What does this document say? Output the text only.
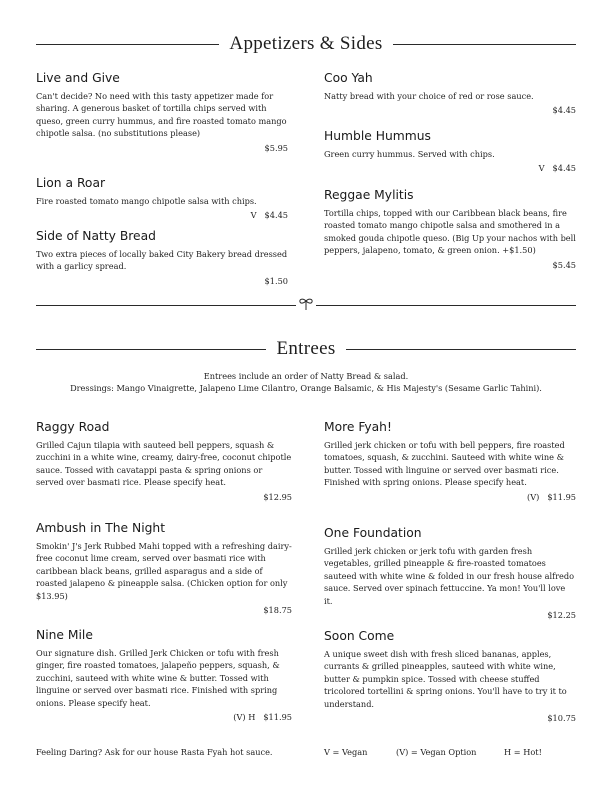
Appetizers & Sides
Live and Give

Can't decide? No need with this tasty appetizer made for sharing. A generous basket of tortilla chips served with queso, green curry hummus, and fire roasted tomato mango chipotle salsa. (no substitutions please)

$5.95
Lion a Roar

Fire roasted tomato mango chipotle salsa with chips.

V $4.45
Side of Natty Bread

Two extra pieces of locally baked City Bakery bread dressed with a garlicy spread.

$1.50
Coo Yah

Natty bread with your choice of red or rose sauce.

$4.45
Humble Hummus

Green curry hummus. Served with chips.

V $4.45
Reggae Mylitis

Tortilla chips, topped with our Caribbean black beans, fire roasted tomato mango chipotle salsa and smothered in a smoked gouda chipotle queso. (Big Up your nachos with bell peppers, jalapeno, tomato, & green onion. +$1.50)

$5.45
Entrees
Entrees include an order of Natty Bread & salad.
Dressings: Mango Vinaigrette, Jalapeno Lime Cilantro, Orange Balsamic, & His Majesty's (Sesame Garlic Tahini).
Raggy Road

Grilled Cajun tilapia with sauteed bell peppers, squash & zucchini in a white wine, creamy, dairy-free, coconut chipotle sauce. Tossed with cavatappi pasta & spring onions or served over basmati rice. Please specify heat.

$12.95
Ambush in The Night

Smokin' J's Jerk Rubbed Mahi topped with a refreshing dairy-free coconut lime cream, served over basmati rice with caribbean black beans, grilled asparagus and a side of roasted jalapeno & pineapple salsa. (Chicken option for only $13.95)

$18.75
Nine Mile

Our signature dish. Grilled Jerk Chicken or tofu with fresh ginger, fire roasted tomatoes, jalapeño peppers, squash, & zucchini, sauteed with white wine & butter. Tossed with linguine or served over basmati rice. Finished with spring onions. Please specify heat.

(V) H $11.95
More Fyah!

Grilled jerk chicken or tofu with bell peppers, fire roasted tomatoes, squash, & zucchini. Sauteed with white wine & butter. Tossed with linguine or served over basmati rice. Finished with spring onions. Please specify heat.

(V) $11.95
One Foundation

Grilled jerk chicken or jerk tofu with garden fresh vegetables, grilled pineapple & fire-roasted tomatoes sauteed with white wine & folded in our fresh house alfredo sauce. Served over spinach fettuccine. Ya mon! You'll love it.

$12.25
Soon Come

A unique sweet dish with fresh sliced bananas, apples, currants & grilled pineapples, sauteed with white wine, butter & pumpkin spice. Tossed with cheese stuffed tricolored tortellini & spring onions. You'll have to try it to understand.

$10.75
Feeling Daring? Ask for our house Rasta Fyah hot sauce.	V = Vegan	(V) = Vegan Option	H = Hot!
